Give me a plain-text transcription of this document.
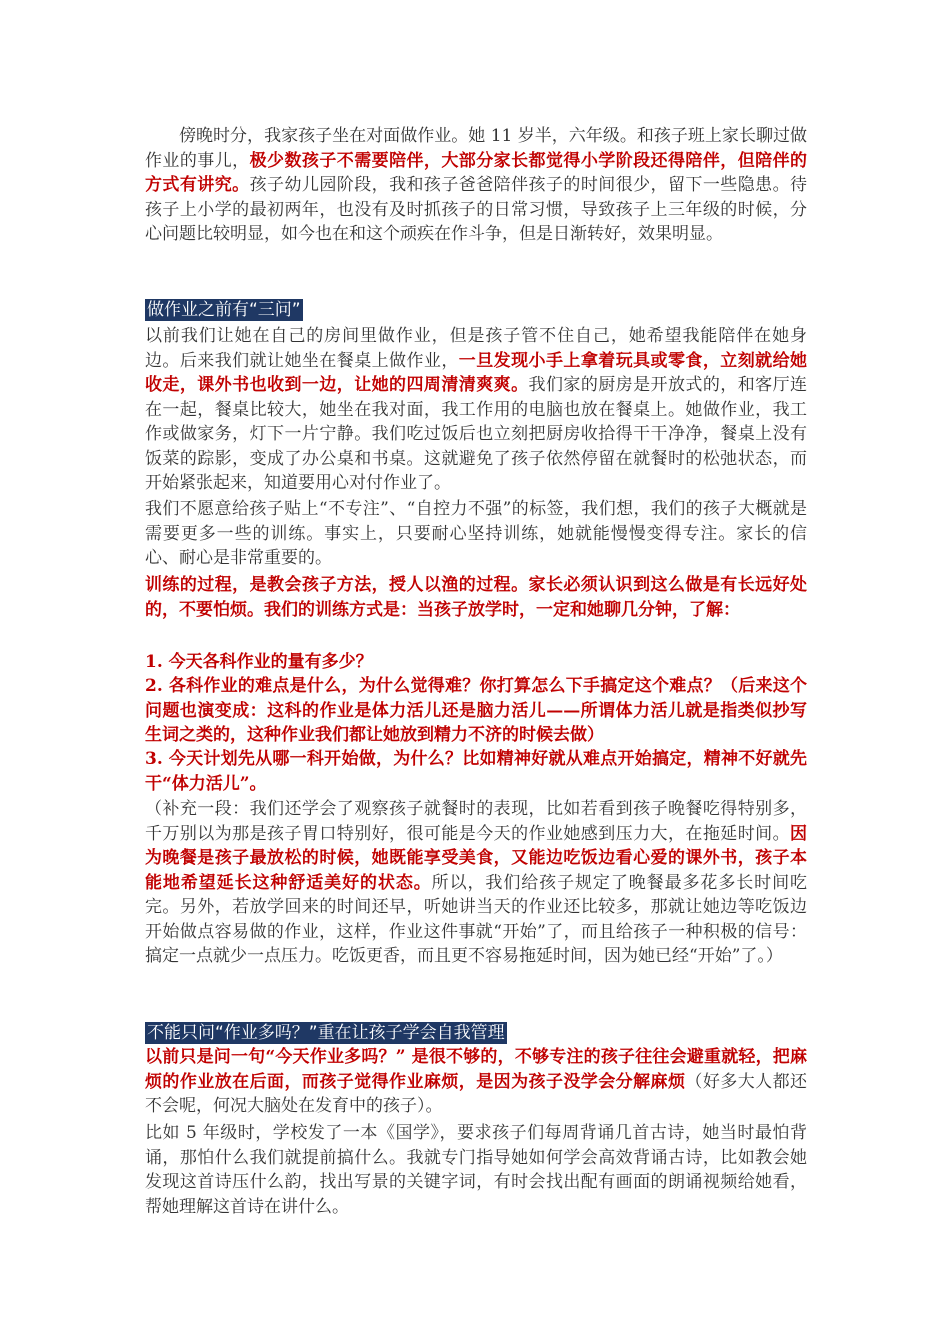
傍晚时分，我家孩子坐在对面做作业。她 11 岁半，六年级。和孩子班上家长聊过做作业的事儿，极少数孩子不需要陪伴，大部分家长都觉得小学阶段还得陪伴，但陪伴的方式有讲究。孩子幼儿园阶段，我和孩子爸爸陪伴孩子的时间很少，留下一些隐患。待孩子上小学的最初两年，也没有及时抓孩子的日常习惯，导致孩子上三年级的时候，分心问题比较明显，如今也在和这个顽疾在作斗争，但是日渐转好，效果明显。

做作业之前有“三问”

以前我们让她在自己的房间里做作业，但是孩子管不住自己，她希望我能陪伴在她身边。后来我们就让她坐在餐桌上做作业，一旦发现小手上拿着玩具或零食，立刻就给她收走，课外书也收到一边，让她的四周清清爽爽。我们家的厨房是开放式的，和客厅连在一起，餐桌比较大，她坐在我对面，我工作用的电脑也放在餐桌上。她做作业，我工作或做家务，灯下一片宁静。我们吃过饭后也立刻把厨房收拾得干干净净，餐桌上没有饭菜的踪影，变成了办公桌和书桌。这就避免了孩子依然停留在就餐时的松弛状态，而开始紧张起来，知道要用心对付作业了。

我们不愿意给孩子贴上“不专注”、“自控力不强”的标签，我们想，我们的孩子大概就是需要更多一些的训练。事实上，只要耐心坚持训练，她就能慢慢变得专注。家长的信心、耐心是非常重要的。

训练的过程，是教会孩子方法，授人以渔的过程。家长必须认识到这么做是有长远好处的，不要怕烦。我们的训练方式是：当孩子放学时，一定和她聊几分钟，了解：

1. 今天各科作业的量有多少？

2. 各科作业的难点是什么，为什么觉得难？你打算怎么下手搞定这个难点？（后来这个问题也演变成：这科的作业是体力活儿还是脑力活儿——所谓体力活儿就是指类似抄写生词之类的，这种作业我们都让她放到精力不济的时候去做）

3. 今天计划先从哪一科开始做，为什么？比如精神好就从难点开始搞定，精神不好就先干“体力活儿”。

（补充一段：我们还学会了观察孩子就餐时的表现，比如若看到孩子晚餐吃得特别多，千万别以为那是孩子胃口特别好，很可能是今天的作业她感到压力大，在拖延时间。因为晚餐是孩子最放松的时候，她既能享受美食，又能边吃饭边看心爱的课外书，孩子本能地希望延长这种舒适美好的状态。所以，我们给孩子规定了晚餐最多花多长时间吃完。另外，若放学回来的时间还早，听她讲当天的作业还比较多，那就让她边等吃饭边开始做点容易做的作业，这样，作业这件事就“开始”了，而且给孩子一种积极的信号：搞定一点就少一点压力。吃饭更香，而且更不容易拖延时间，因为她已经“开始”了。）

不能只问“作业多吗？”重在让孩子学会自我管理

以前只是问一句“今天作业多吗？” 是很不够的，不够专注的孩子往往会避重就轻，把麻烦的作业放在后面，而孩子觉得作业麻烦，是因为孩子没学会分解麻烦（好多大人都还不会呢，何况大脑处在发育中的孩子）。

比如 5 年级时，学校发了一本《国学》，要求孩子们每周背诵几首古诗，她当时最怕背诵，那怕什么我们就提前搞什么。我就专门指导她如何学会高效背诵古诗，比如教会她发现这首诗压什么韵，找出写景的关键字词，有时会找出配有画面的朗诵视频给她看，帮她理解这首诗在讲什么。
